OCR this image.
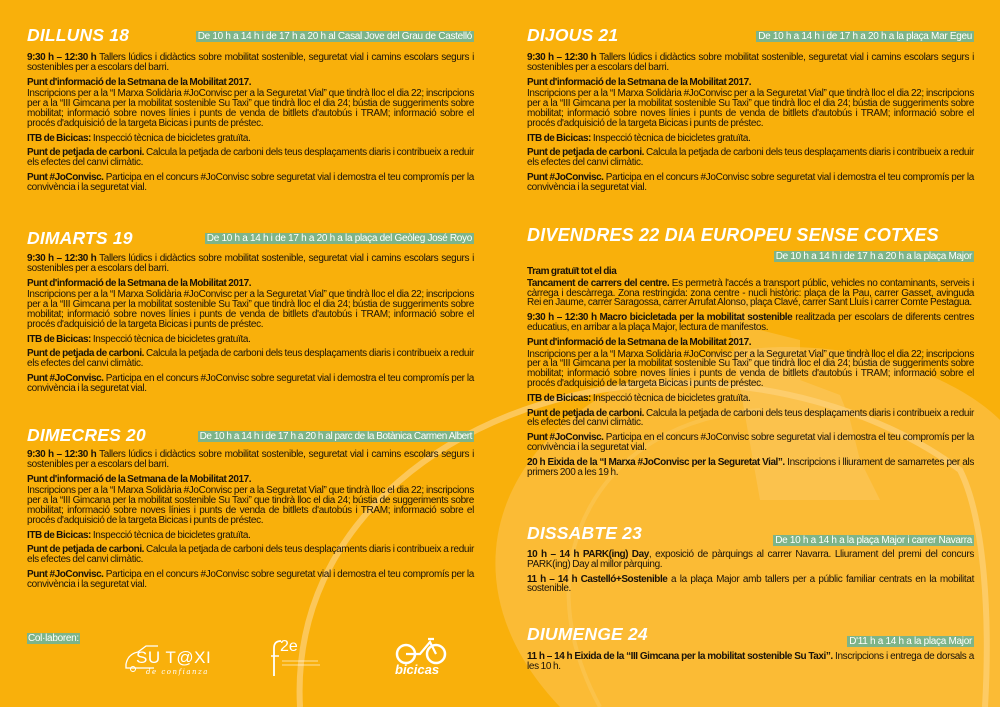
DILLUNS 18	De 10 h a 14 h i de 17 h a 20 h al Casal Jove del Grau de Castelló

9:30 h – 12:30 h Tallers lúdics i didàctics sobre mobilitat sostenible, seguretat vial i camins escolars segurs i sostenibles per a escolars del barri.

Punt d'informació de la Setmana de la Mobilitat 2017.

Inscripcions per a la “I Marxa Solidària #JoConvisc per a la Seguretat Vial” que tindrà lloc el dia 22; inscripcions per a la “III Gimcana per la mobilitat sostenible Su Taxi” que tindrà lloc el dia 24; bústia de suggeriments sobre mobilitat; informació sobre noves línies i punts de venda de bitllets d'autobús i TRAM; informació sobre el procés d'adquisició de la targeta Bicicas i punts de préstec.

ITB de Bicicas: Inspecció tècnica de bicicletes gratuïta.

Punt de petjada de carboni. Calcula la petjada de carboni dels teus desplaçaments diaris i contribueix a reduir els efectes del canvi climàtic.

Punt #JoConvisc. Participa en el concurs #JoConvisc sobre seguretat vial i demostra el teu compromís per la convivència i la seguretat vial.

DIMARTS 19	De 10 h a 14 h i de 17 h a 20 h a la plaça del Geòleg José Royo

9:30 h – 12:30 h Tallers lúdics i didàctics sobre mobilitat sostenible, seguretat vial i camins escolars segurs i sostenibles per a escolars del barri.

Punt d'informació de la Setmana de la Mobilitat 2017.

Inscripcions per a la “I Marxa Solidària #JoConvisc per a la Seguretat Vial” que tindrà lloc el dia 22; inscripcions per a la “III Gimcana per la mobilitat sostenible Su Taxi” que tindrà lloc el dia 24; bústia de suggeriments sobre mobilitat; informació sobre noves línies i punts de venda de bitllets d'autobús i TRAM; informació sobre el procés d'adquisició de la targeta Bicicas i punts de préstec.

ITB de Bicicas: Inspecció tècnica de bicicletes gratuïta.

Punt de petjada de carboni. Calcula la petjada de carboni dels teus desplaçaments diaris i contribueix a reduir els efectes del canvi climàtic.

Punt #JoConvisc. Participa en el concurs #JoConvisc sobre seguretat vial i demostra el teu compromís per la convivència i la seguretat vial.

DIMECRES 20	De 10 h a 14 h i de 17 h a 20 h al parc de la Botànica Carmen Albert

9:30 h – 12:30 h Tallers lúdics i didàctics sobre mobilitat sostenible, seguretat vial i camins escolars segurs i sostenibles per a escolars del barri.

Punt d'informació de la Setmana de la Mobilitat 2017.

Inscripcions per a la “I Marxa Solidària #JoConvisc per a la Seguretat Vial” que tindrà lloc el dia 22; inscripcions per a la “III Gimcana per la mobilitat sostenible Su Taxi” que tindrà lloc el dia 24; bústia de suggeriments sobre mobilitat; informació sobre noves línies i punts de venda de bitllets d'autobús i TRAM; informació sobre el procés d'adquisició de la targeta Bicicas i punts de préstec.

ITB de Bicicas: Inspecció tècnica de bicicletes gratuïta.

Punt de petjada de carboni. Calcula la petjada de carboni dels teus desplaçaments diaris i contribueix a reduir els efectes del canvi climàtic.

Punt #JoConvisc. Participa en el concurs #JoConvisc sobre seguretat vial i demostra el teu compromís per la convivència i la seguretat vial.

DIJOUS 21	De 10 h a 14 h i de 17 h a 20 h a la plaça Mar Egeu

9:30 h – 12:30 h Tallers lúdics i didàctics sobre mobilitat sostenible, seguretat vial i camins escolars segurs i sostenibles per a escolars del barri.

Punt d'informació de la Setmana de la Mobilitat 2017.

Inscripcions per a la “I Marxa Solidària #JoConvisc per a la Seguretat Vial” que tindrà lloc el dia 22; inscripcions per a la “III Gimcana per la mobilitat sostenible Su Taxi” que tindrà lloc el dia 24; bústia de suggeriments sobre mobilitat; informació sobre noves línies i punts de venda de bitllets d'autobús i TRAM; informació sobre el procés d'adquisició de la targeta Bicicas i punts de préstec.

ITB de Bicicas: Inspecció tècnica de bicicletes gratuïta.

Punt de petjada de carboni. Calcula la petjada de carboni dels teus desplaçaments diaris i contribueix a reduir els efectes del canvi climàtic.

Punt #JoConvisc. Participa en el concurs #JoConvisc sobre seguretat vial i demostra el teu compromís per la convivència i la seguretat vial.

DIVENDRES 22 DIA EUROPEU SENSE COTXES
De 10 h a 14 h i de 17 h a 20 h a la plaça Major

Tram gratuït tot el dia

Tancament de carrers del centre. Es permetrà l'accés a transport públic, vehicles no contaminants, serveis i càrrega i descàrrega. Zona restringida: zona centre - nucli històric: plaça de la Pau, carrer Gasset, avinguda Rei en Jaume, carrer Saragossa, carrer Arrufat Alonso, plaça Clavé, carrer Sant Lluís i carrer Comte Pestagua.

9:30 h – 12:30 h Macro bicicletada per la mobilitat sostenible realitzada per escolars de diferents centres educatius, en arribar a la plaça Major, lectura de manifestos.

Punt d'informació de la Setmana de la Mobilitat 2017.

Inscripcions per a la “I Marxa Solidària #JoConvisc per a la Seguretat Vial” que tindrà lloc el dia 22; inscripcions per a la “III Gimcana per la mobilitat sostenible Su Taxi” que tindrà lloc el dia 24; bústia de suggeriments sobre mobilitat; informació sobre noves línies i punts de venda de bitllets d'autobús i TRAM; informació sobre el procés d'adquisició de la targeta Bicicas i punts de préstec.

ITB de Bicicas: Inspecció tècnica de bicicletes gratuïta.

Punt de petjada de carboni. Calcula la petjada de carboni dels teus desplaçaments diaris i contribueix a reduir els efectes del canvi climàtic.

Punt #JoConvisc. Participa en el concurs #JoConvisc sobre seguretat vial i demostra el teu compromís per la convivència i la seguretat vial.

20 h Eixida de la “I Marxa #JoConvisc per la Seguretat Vial”. Inscripcions i lliurament de samarretes per als primers 200 a les 19 h.

DISSABTE 23	De 10 h a 14 h a la plaça Major i carrer Navarra

10 h – 14 h PARK(ing) Day, exposició de pàrquings al carrer Navarra. Lliurament del premi del concurs PARK(ing) Day al millor pàrquing.

11 h – 14 h Castelló+Sostenible a la plaça Major amb tallers per a públic familiar centrats en la mobilitat sostenible.

DIUMENGE 24	D'11 h a 14 h a la plaça Major

11 h – 14 h Eixida de la “III Gimcana per la mobilitat sostenible Su Taxi”. Inscripcions i entrega de dorsals a les 10 h.

Col·laboren:
SU T@XI
de confianza
2e
bicicas
